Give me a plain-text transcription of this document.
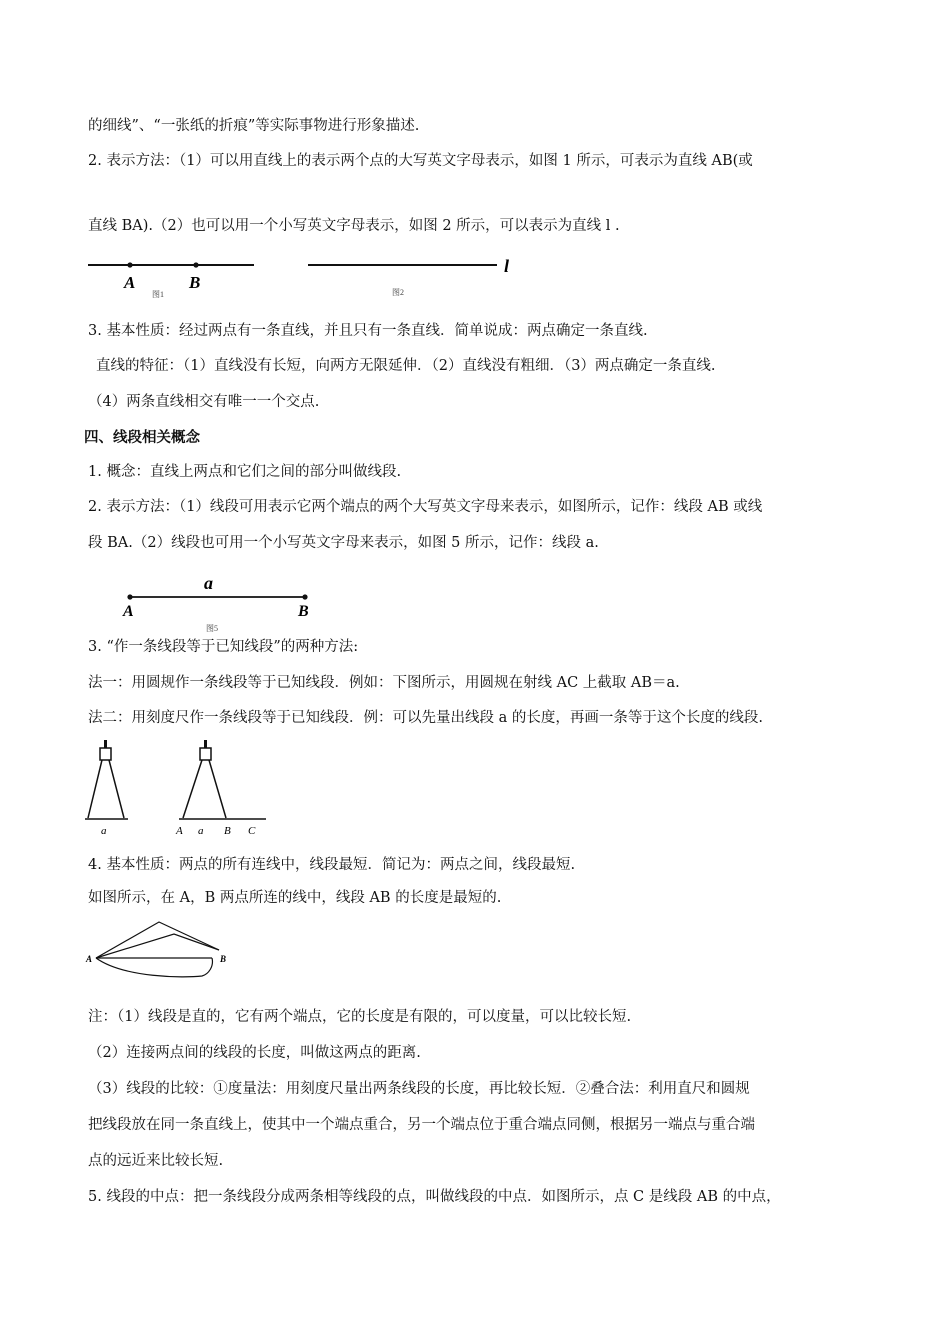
的细线”、“一张纸的折痕”等实际事物进行形象描述.
2. 表示方法：（1）可以用直线上的表示两个点的大写英文字母表示，如图 1 所示，可表示为直线 AB(或
直线 BA).（2）也可以用一个小写英文字母表示，如图 2 所示，可以表示为直线 l .
3. 基本性质：经过两点有一条直线，并且只有一条直线．简单说成：两点确定一条直线.
直线的特征：（1）直线没有长短，向两方无限延伸．（2）直线没有粗细．（3）两点确定一条直线.
（4）两条直线相交有唯一一个交点.
四、线段相关概念
1. 概念：直线上两点和它们之间的部分叫做线段.
2. 表示方法：（1）线段可用表示它两个端点的两个大写英文字母来表示，如图所示，记作：线段 AB 或线
段 BA.（2）线段也可用一个小写英文字母来表示，如图 5 所示，记作：线段 a.
3. “作一条线段等于已知线段”的两种方法:
法一：用圆规作一条线段等于已知线段．例如：下图所示，用圆规在射线 AC 上截取 AB＝a.
法二：用刻度尺作一条线段等于已知线段．例：可以先量出线段 a 的长度，再画一条等于这个长度的线段.
4. 基本性质：两点的所有连线中，线段最短．简记为：两点之间，线段最短.
如图所示，在 A，B 两点所连的线中，线段 AB 的长度是最短的.
注：（1）线段是直的，它有两个端点，它的长度是有限的，可以度量，可以比较长短.
（2）连接两点间的线段的长度，叫做这两点的距离.
（3）线段的比较：①度量法：用刻度尺量出两条线段的长度，再比较长短．②叠合法：利用直尺和圆规
把线段放在同一条直线上，使其中一个端点重合，另一个端点位于重合端点同侧，根据另一端点与重合端
点的远近来比较长短.
5. 线段的中点：把一条线段分成两条相等线段的点，叫做线段的中点．如图所示，点 C 是线段 AB 的中点，
A	B
图1
l
图2
a
A	B
图5
a	A a B C
A	B
